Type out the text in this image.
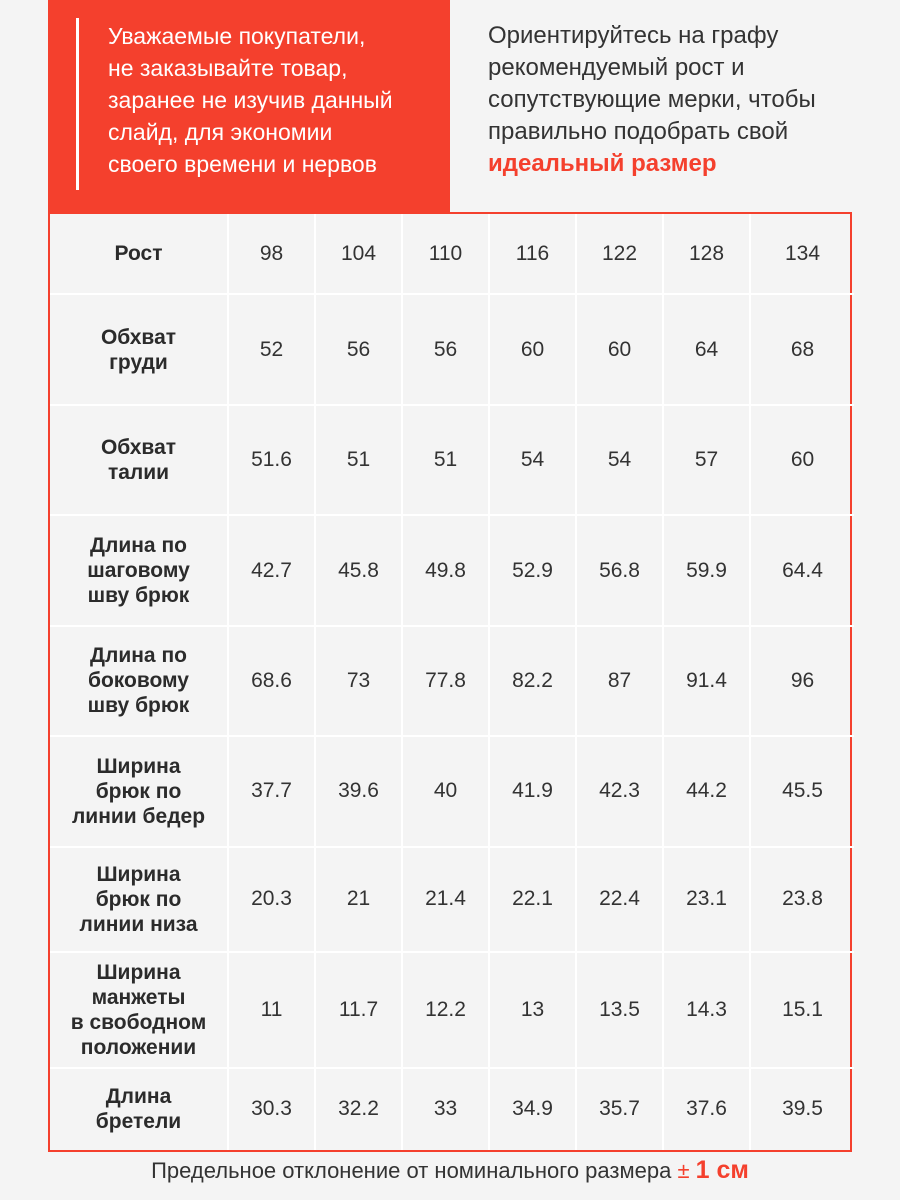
Уважаемые покупатели,
не заказывайте товар,
заранее не изучив данный
слайд, для экономии
своего времени и нервов
Ориентируйтесь на графу рекомендуемый рост и сопутствующие мерки, чтобы правильно подобрать свой идеальный размер
Рост	98	104	110	116	122	128	134
Обхват
груди	52	56	56	60	60	64	68
Обхват
талии	51.6	51	51	54	54	57	60
Длина по
шаговому
шву брюк	42.7	45.8	49.8	52.9	56.8	59.9	64.4
Длина по
боковому
шву брюк	68.6	73	77.8	82.2	87	91.4	96
Ширина
брюк по
линии бедер	37.7	39.6	40	41.9	42.3	44.2	45.5
Ширина
брюк по
линии низа	20.3	21	21.4	22.1	22.4	23.1	23.8
Ширина
манжеты
в свободном
положении	11	11.7	12.2	13	13.5	14.3	15.1
Длина
бретели	30.3	32.2	33	34.9	35.7	37.6	39.5
Предельное отклонение от номинального размера ± 1 см
